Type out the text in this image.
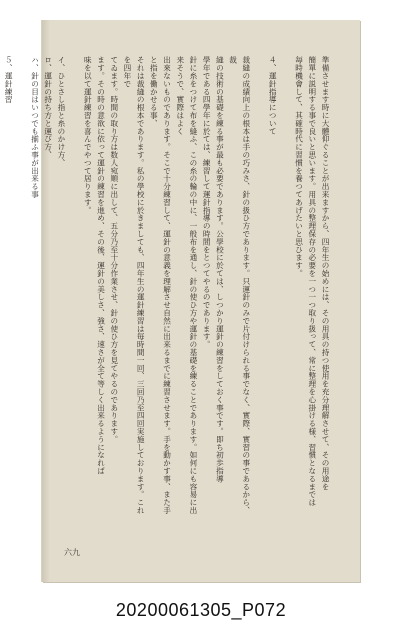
準備させます時に大體仰ぐることが出来ますから、四年生の始めには、その用具の持つ使用を充分理解させて、その用途を

簡單に説明する事で良いと思います。用具の整理保存の必要を一つ一つ取り扱って、常に整理を心掛ける様、習慣となるまでは

毎時機會して、其確時代に習慣を養つてあげたいと思ひます。

４、運針指導について

裁縫の成績向上の根本は手の巧みさ、針の扱ひ方であります。只運針のみで片付けられる事でなく、實際、實習の事であるから、裁

縫の技術の基礎を練る事が最も必要であります。公學校に於ては、しつかり運針の練習をしておく事です。即ち初歩指導

學年である四學年に於ては、練習して運針指導の時間をとつてやるのであります。

針に糸をつけて布を縫ふ、この糸の輪の中に、一般布を通し、針の使ひ方や運針の基礎を練ることであります。如何にも容易に出来そうで、實際はよく

出來ないものであります。そこで十分練習して、運針の意義を理解させ自然に出来るまでに練習させます。手を動かす事、また手と指を働かせる事、

それは裁縫の根本であります。私の學校に於きましても、四年生の運針練習は毎時間一回、三回乃至四回実施しております。これを四年で

てゐます。時間の取り方は数人宛順に出して、五分乃至十分作業させ、針の使ひ方を見てやるのであります。

ます。その時の意欲に依って運針の練習を進め、その後、運針の美しさ、強さ、速さが全て等しく出来るようになれば

味を以て運針練習を喜んでやつて居ります。

イ、ひとさし指と糸のかけ方、

ロ、運針の持ち方と運び方、

ハ、針の目はいつでも揃ふ事が出来る事

５、運針練習

六九
20200061305_P072
